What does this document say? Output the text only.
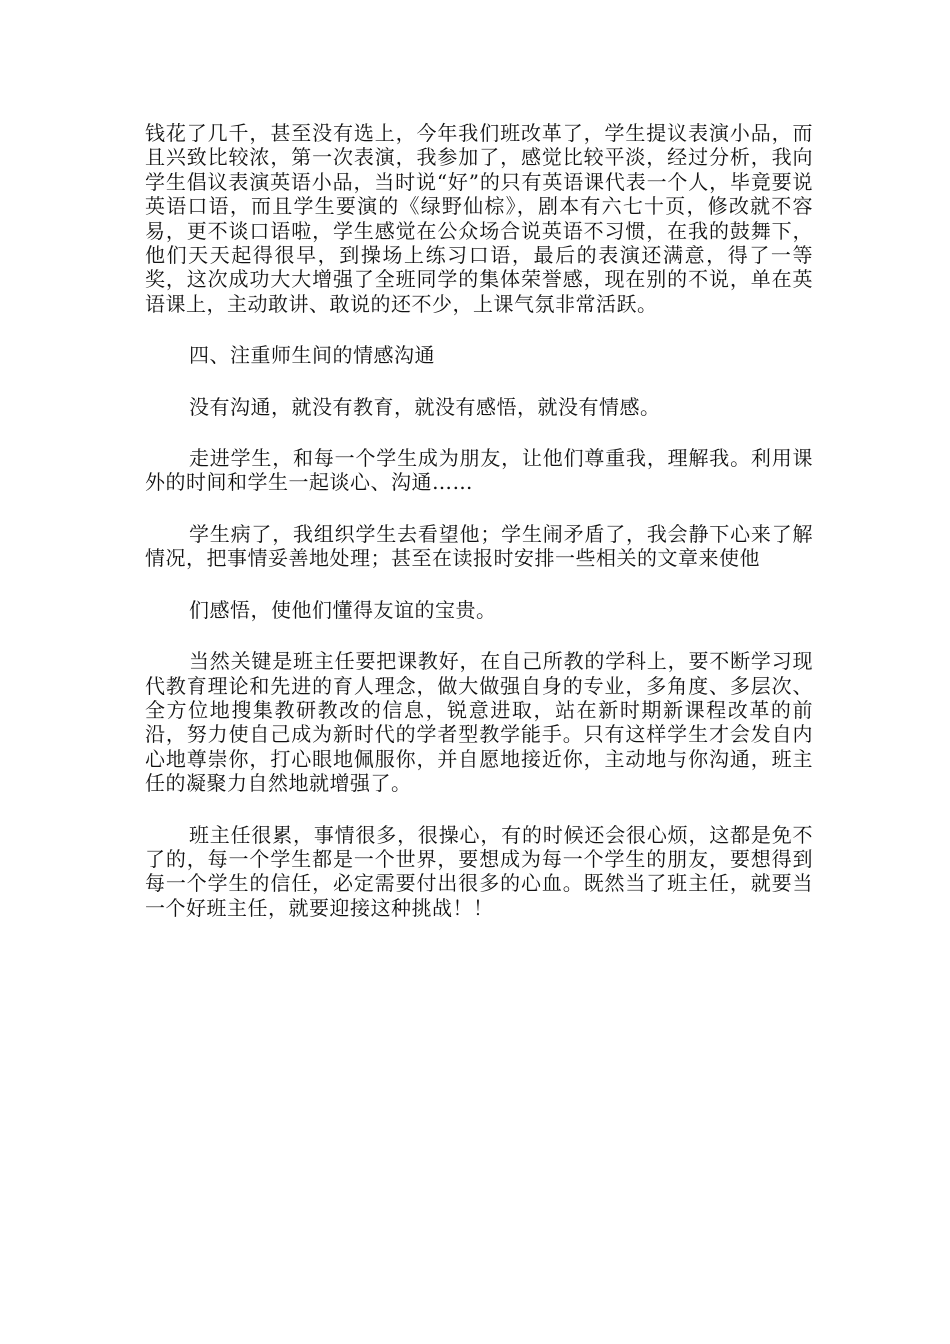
钱花了几千，甚至没有选上，今年我们班改革了，学生提议表演小品，而且兴致比较浓，第一次表演，我参加了，感觉比较平淡，经过分析，我向学生倡议表演英语小品，当时说“好”的只有英语课代表一个人，毕竟要说英语口语，而且学生要演的《绿野仙棕》，剧本有六七十页，修改就不容易，更不谈口语啦，学生感觉在公众场合说英语不习惯，在我的鼓舞下，他们天天起得很早，到操场上练习口语，最后的表演还满意，得了一等奖，这次成功大大增强了全班同学的集体荣誉感，现在别的不说，单在英语课上，主动敢讲、敢说的还不少，上课气氛非常活跃。

四、注重师生间的情感沟通

没有沟通，就没有教育，就没有感悟，就没有情感。

走进学生，和每一个学生成为朋友，让他们尊重我，理解我。利用课外的时间和学生一起谈心、沟通……

学生病了，我组织学生去看望他；学生闹矛盾了，我会静下心来了解情况，把事情妥善地处理；甚至在读报时安排一些相关的文章来使他

们感悟，使他们懂得友谊的宝贵。

当然关键是班主任要把课教好，在自己所教的学科上，要不断学习现代教育理论和先进的育人理念，做大做强自身的专业，多角度、多层次、全方位地搜集教研教改的信息，锐意进取，站在新时期新课程改革的前沿，努力使自己成为新时代的学者型教学能手。只有这样学生才会发自内心地尊崇你，打心眼地佩服你，并自愿地接近你，主动地与你沟通，班主任的凝聚力自然地就增强了。

班主任很累，事情很多，很操心，有的时候还会很心烦，这都是免不了的，每一个学生都是一个世界，要想成为每一个学生的朋友，要想得到每一个学生的信任，必定需要付出很多的心血。既然当了班主任，就要当一个好班主任，就要迎接这种挑战！！
